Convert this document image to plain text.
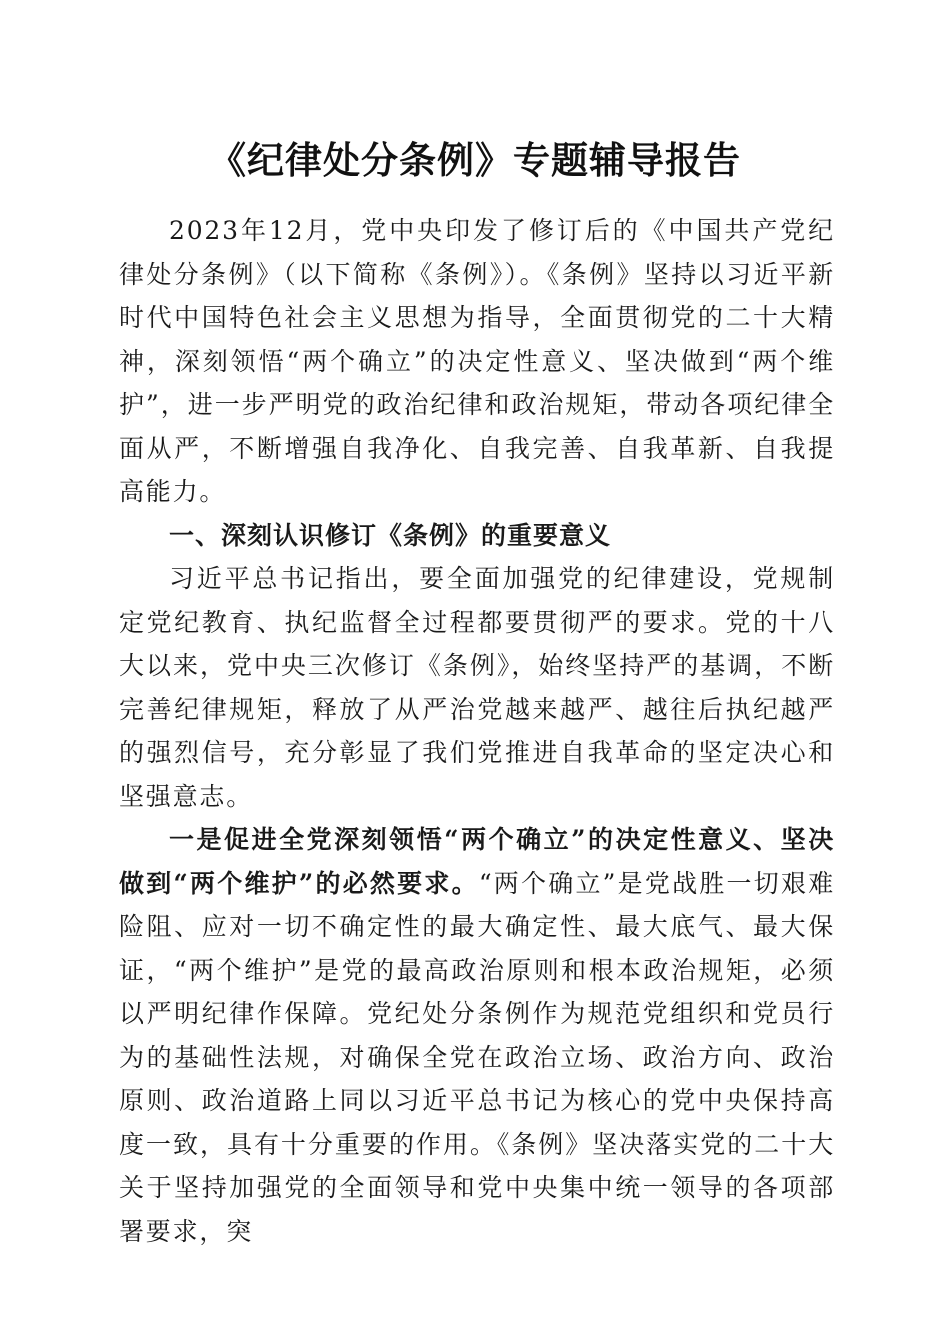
《纪律处分条例》专题辅导报告

2023年12月，党中央印发了修订后的《中国共产党纪律处分条例》（以下简称《条例》）。《条例》坚持以习近平新时代中国特色社会主义思想为指导，全面贯彻党的二十大精神，深刻领悟“两个确立”的决定性意义、坚决做到“两个维护”，进一步严明党的政治纪律和政治规矩，带动各项纪律全面从严，不断增强自我净化、自我完善、自我革新、自我提高能力。

一、深刻认识修订《条例》的重要意义

习近平总书记指出，要全面加强党的纪律建设，党规制定党纪教育、执纪监督全过程都要贯彻严的要求。党的十八大以来，党中央三次修订《条例》，始终坚持严的基调，不断完善纪律规矩，释放了从严治党越来越严、越往后执纪越严的强烈信号，充分彰显了我们党推进自我革命的坚定决心和坚强意志。

一是促进全党深刻领悟“两个确立”的决定性意义、坚决做到“两个维护”的必然要求。“两个确立”是党战胜一切艰难险阻、应对一切不确定性的最大确定性、最大底气、最大保证，“两个维护”是党的最高政治原则和根本政治规矩，必须以严明纪律作保障。党纪处分条例作为规范党组织和党员行为的基础性法规，对确保全党在政治立场、政治方向、政治原则、政治道路上同以习近平总书记为核心的党中央保持高度一致，具有十分重要的作用。《条例》坚决落实党的二十大关于坚持加强党的全面领导和党中央集中统一领导的各项部署要求，突
